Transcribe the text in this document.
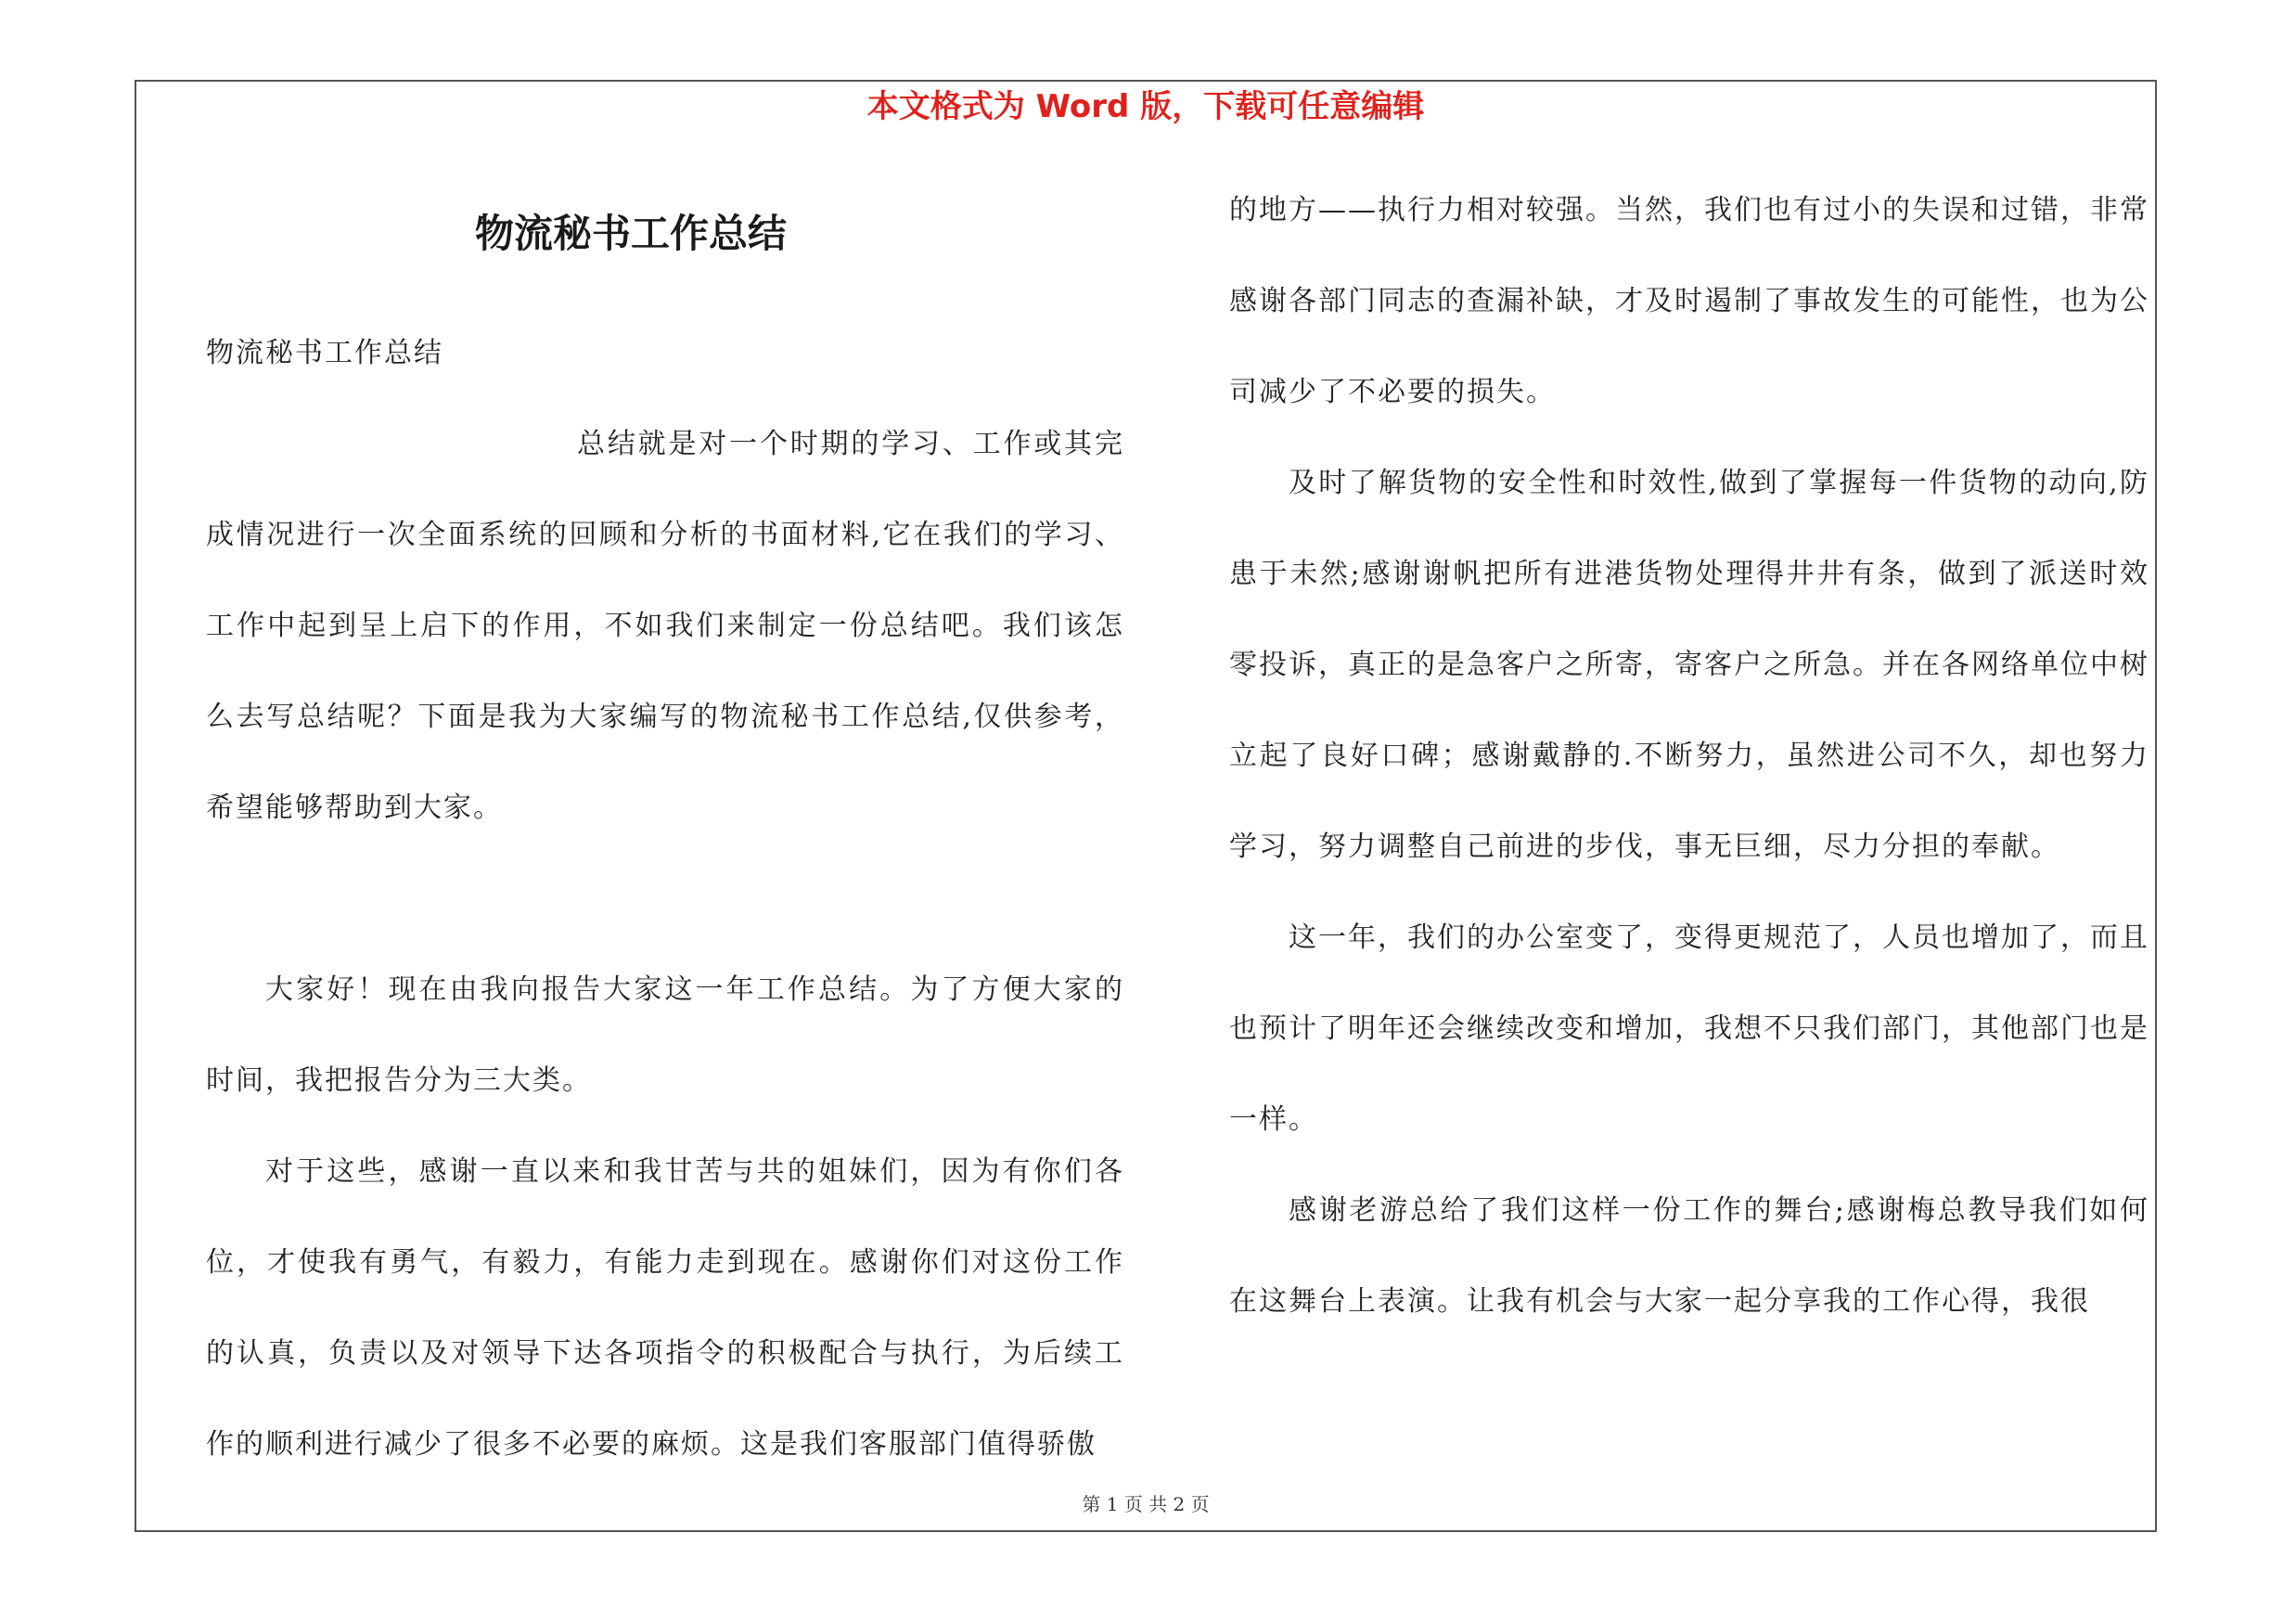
本文格式为 Word 版，下载可任意编辑
物流秘书工作总结

物流秘书工作总结

总结就是对一个时期的学习、工作或其完成情况进行一次全面系统的回顾和分析的书面材料,它在我们的学习、工作中起到呈上启下的作用，不如我们来制定一份总结吧。我们该怎么去写总结呢？下面是我为大家编写的物流秘书工作总结,仅供参考，希望能够帮助到大家。

大家好！现在由我向报告大家这一年工作总结。为了方便大家的时间，我把报告分为三大类。

对于这些，感谢一直以来和我甘苦与共的姐妹们，因为有你们各位，才使我有勇气，有毅力，有能力走到现在。感谢你们对这份工作的认真，负责以及对领导下达各项指令的积极配合与执行，为后续工作的顺利进行减少了很多不必要的麻烦。这是我们客服部门值得骄傲

的地方——执行力相对较强。当然，我们也有过小的失误和过错，非常感谢各部门同志的查漏补缺，才及时遏制了事故发生的可能性，也为公司减少了不必要的损失。

及时了解货物的安全性和时效性,做到了掌握每一件货物的动向,防患于未然;感谢谢帆把所有进港货物处理得井井有条，做到了派送时效零投诉，真正的是急客户之所寄，寄客户之所急。并在各网络单位中树立起了良好口碑；感谢戴静的.不断努力，虽然进公司不久，却也努力学习，努力调整自己前进的步伐，事无巨细，尽力分担的奉献。

这一年，我们的办公室变了，变得更规范了，人员也增加了，而且也预计了明年还会继续改变和增加，我想不只我们部门，其他部门也是一样。

感谢老游总给了我们这样一份工作的舞台;感谢梅总教导我们如何在这舞台上表演。让我有机会与大家一起分享我的工作心得，我很

第 1 页 共 2 页
